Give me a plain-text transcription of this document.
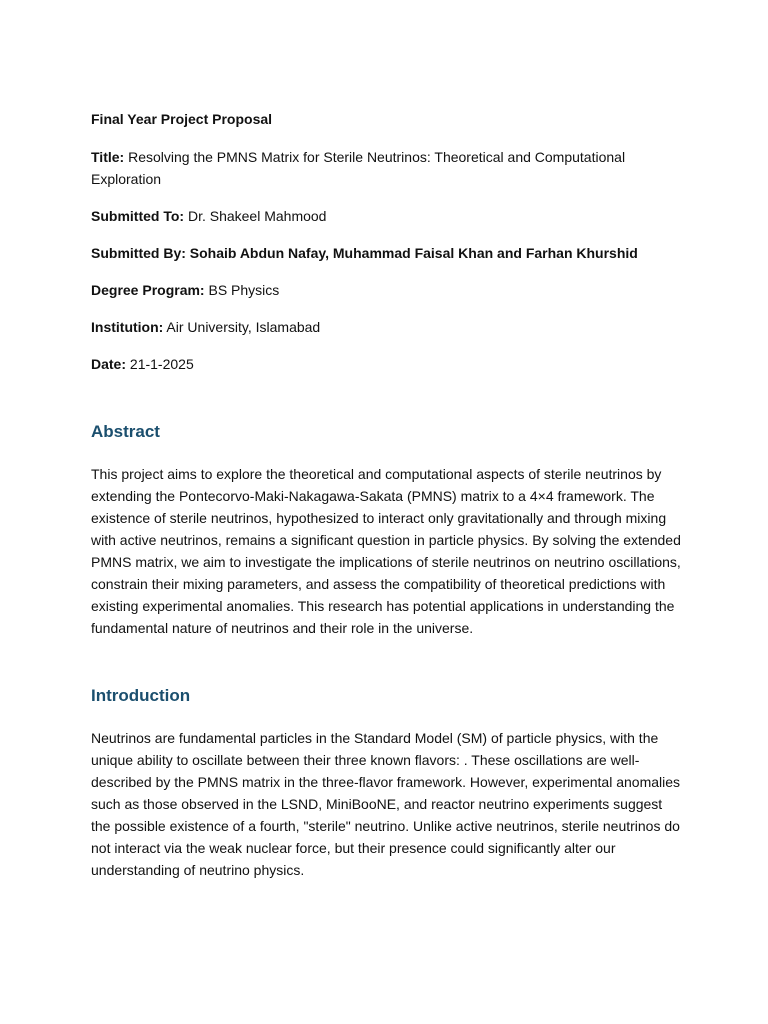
Final Year Project Proposal
Title: Resolving the PMNS Matrix for Sterile Neutrinos: Theoretical and Computational Exploration
Submitted To: Dr. Shakeel Mahmood
Submitted By: Sohaib Abdun Nafay, Muhammad Faisal Khan and Farhan Khurshid
Degree Program: BS Physics
Institution: Air University, Islamabad
Date: 21-1-2025
Abstract

This project aims to explore the theoretical and computational aspects of sterile neutrinos by extending the Pontecorvo-Maki-Nakagawa-Sakata (PMNS) matrix to a 4×4 framework. The existence of sterile neutrinos, hypothesized to interact only gravitationally and through mixing with active neutrinos, remains a significant question in particle physics. By solving the extended PMNS matrix, we aim to investigate the implications of sterile neutrinos on neutrino oscillations, constrain their mixing parameters, and assess the compatibility of theoretical predictions with existing experimental anomalies. This research has potential applications in understanding the fundamental nature of neutrinos and their role in the universe.

Introduction

Neutrinos are fundamental particles in the Standard Model (SM) of particle physics, with the unique ability to oscillate between their three known flavors: . These oscillations are well-described by the PMNS matrix in the three-flavor framework. However, experimental anomalies such as those observed in the LSND, MiniBooNE, and reactor neutrino experiments suggest the possible existence of a fourth, "sterile" neutrino. Unlike active neutrinos, sterile neutrinos do not interact via the weak nuclear force, but their presence could significantly alter our understanding of neutrino physics.
